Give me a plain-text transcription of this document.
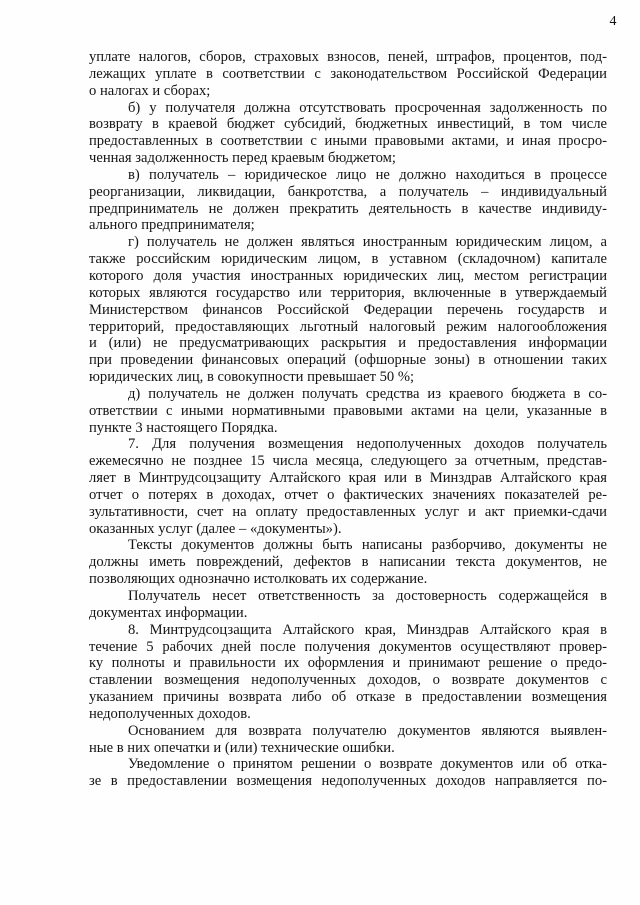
4
уплате налогов, сборов, страховых взносов, пеней, штрафов, процентов, под-
лежащих уплате в соответствии с законодательством Российской Федерации
о налогах и сборах;
б) у получателя должна отсутствовать просроченная задолженность по
возврату в краевой бюджет субсидий, бюджетных инвестиций, в том числе
предоставленных в соответствии с иными правовыми актами, и иная просро-
ченная задолженность перед краевым бюджетом;
в) получатель – юридическое лицо не должно находиться в процессе
реорганизации, ликвидации, банкротства, а получатель – индивидуальный
предприниматель не должен прекратить деятельность в качестве индивиду-
ального предпринимателя;
г) получатель не должен являться иностранным юридическим лицом, а
также российским юридическим лицом, в уставном (складочном) капитале
которого доля участия иностранных юридических лиц, местом регистрации
которых являются государство или территория, включенные в утверждаемый
Министерством финансов Российской Федерации перечень государств и
территорий, предоставляющих льготный налоговый режим налогообложения
и (или) не предусматривающих раскрытия и предоставления информации
при проведении финансовых операций (офшорные зоны) в отношении таких
юридических лиц, в совокупности превышает 50 %;
д) получатель не должен получать средства из краевого бюджета в со-
ответствии с иными нормативными правовыми актами на цели, указанные в
пункте 3 настоящего Порядка.
7. Для получения возмещения недополученных доходов получатель
ежемесячно не позднее 15 числа месяца, следующего за отчетным, представ-
ляет в Минтрудсоцзащиту Алтайского края или в Минздрав Алтайского края
отчет о потерях в доходах, отчет о фактических значениях показателей ре-
зультативности, счет на оплату предоставленных услуг и акт приемки-сдачи
оказанных услуг (далее – «документы»).
Тексты документов должны быть написаны разборчиво, документы не
должны иметь повреждений, дефектов в написании текста документов, не
позволяющих однозначно истолковать их содержание.
Получатель несет ответственность за достоверность содержащейся в
документах информации.
8. Минтрудсоцзащита Алтайского края, Минздрав Алтайского края в
течение 5 рабочих дней после получения документов осуществляют провер-
ку полноты и правильности их оформления и принимают решение о предо-
ставлении возмещения недополученных доходов, о возврате документов с
указанием причины возврата либо об отказе в предоставлении возмещения
недополученных доходов.
Основанием для возврата получателю документов являются выявлен-
ные в них опечатки и (или) технические ошибки.
Уведомление о принятом решении о возврате документов или об отка-
зе в предоставлении возмещения недополученных доходов направляется по-
